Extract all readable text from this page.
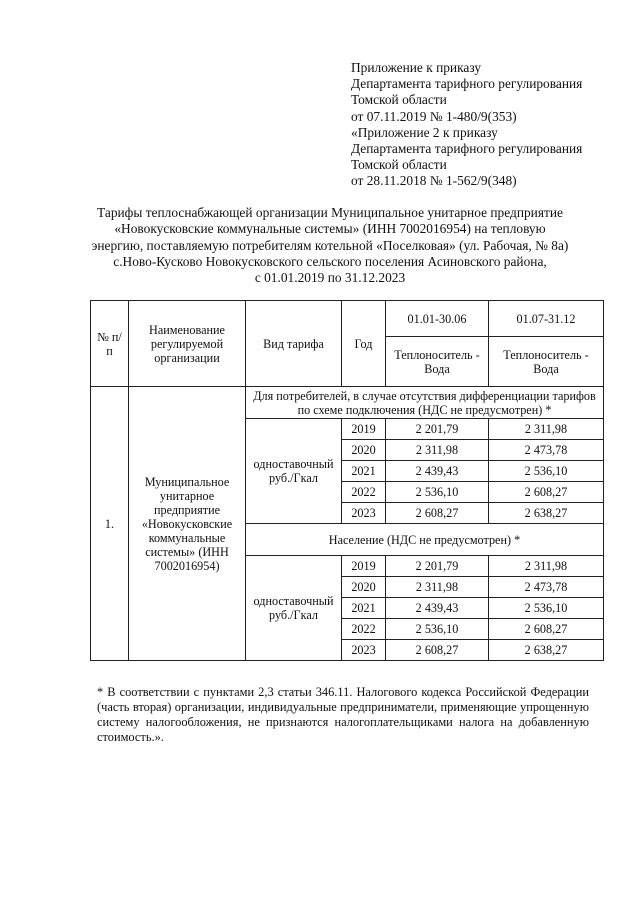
Приложение к приказу
Департамента тарифного регулирования
Томской области
от 07.11.2019 № 1-480/9(353)
«Приложение 2 к приказу
Департамента тарифного регулирования
Томской области
от 28.11.2018 № 1-562/9(348)
Тарифы теплоснабжающей организации Муниципальное унитарное предприятие
«Новокусковские коммунальные системы» (ИНН 7002016954) на тепловую
энергию, поставляемую потребителям котельной «Поселковая» (ул. Рабочая, № 8а)
с.Ново-Кусково Новокусковского сельского поселения Асиновского района,
с 01.01.2019 по 31.12.2023
№ п/п	Наименование регулируемой организации	Вид тарифа	Год	01.01-30.06	01.07-31.12
				Теплоноситель - Вода	Теплоноситель - Вода
1.	Муниципальное унитарное предприятие «Новокусковские коммунальные системы» (ИНН 7002016954)	Для потребителей, в случае отсутствия дифференциации тарифов по схеме подключения (НДС не предусмотрен) *			
		одноставочный руб./Гкал	2019	2 201,79	2 311,98
			2020	2 311,98	2 473,78
			2021	2 439,43	2 536,10
			2022	2 536,10	2 608,27
			2023	2 608,27	2 638,27
		Население (НДС не предусмотрен) *			
		одноставочный руб./Гкал	2019	2 201,79	2 311,98
			2020	2 311,98	2 473,78
			2021	2 439,43	2 536,10
			2022	2 536,10	2 608,27
			2023	2 608,27	2 638,27
* В соответствии с пунктами 2,3 статьи 346.11. Налогового кодекса Российской Федерации (часть вторая) организации, индивидуальные предприниматели, применяющие упрощенную систему налогообложения, не признаются налогоплательщиками налога на добавленную стоимость.».
